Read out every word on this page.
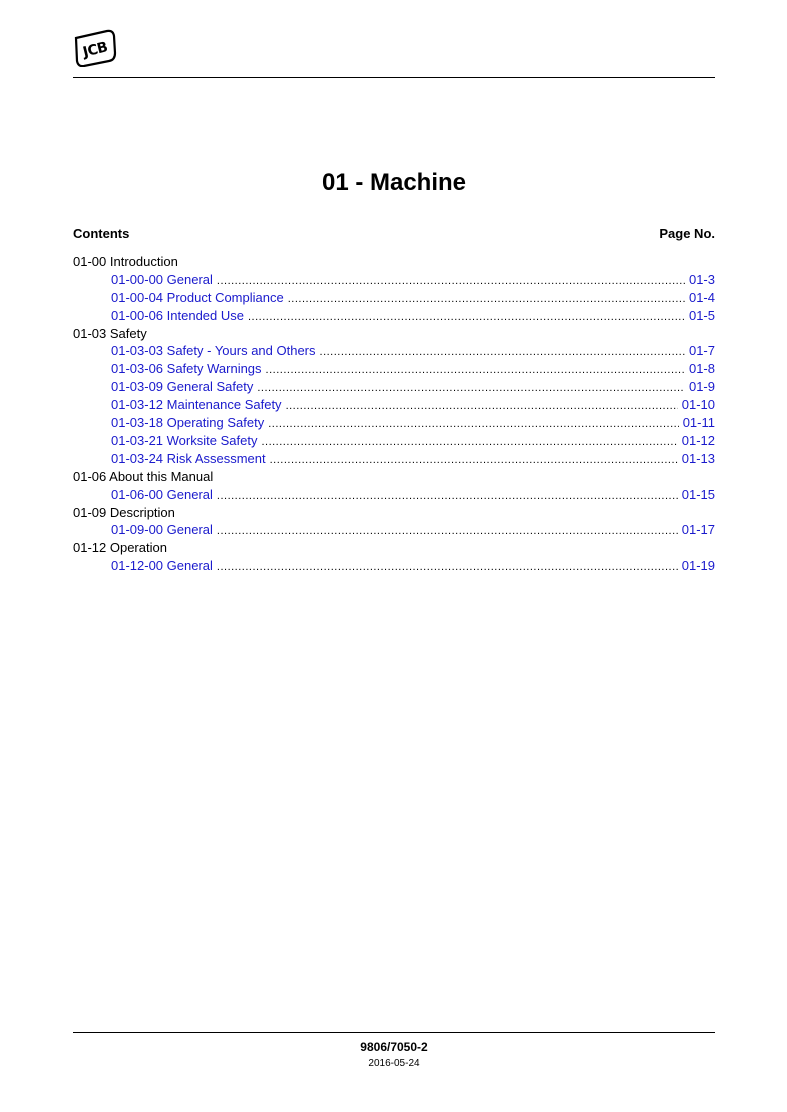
JCB
01 - Machine
Contents	Page No.
01-00 Introduction
01-00-00 General .....	01-3
01-00-04 Product Compliance .....	01-4
01-00-06 Intended Use .....	01-5
01-03 Safety
01-03-03 Safety - Yours and Others .....	01-7
01-03-06 Safety Warnings .....	01-8
01-03-09 General Safety .....	01-9
01-03-12 Maintenance Safety .....	01-10
01-03-18 Operating Safety .....	01-11
01-03-21 Worksite Safety .....	01-12
01-03-24 Risk Assessment .....	01-13
01-06 About this Manual
01-06-00 General .....	01-15
01-09 Description
01-09-00 General .....	01-17
01-12 Operation
01-12-00 General .....	01-19
9806/7050-2
2016-05-24
